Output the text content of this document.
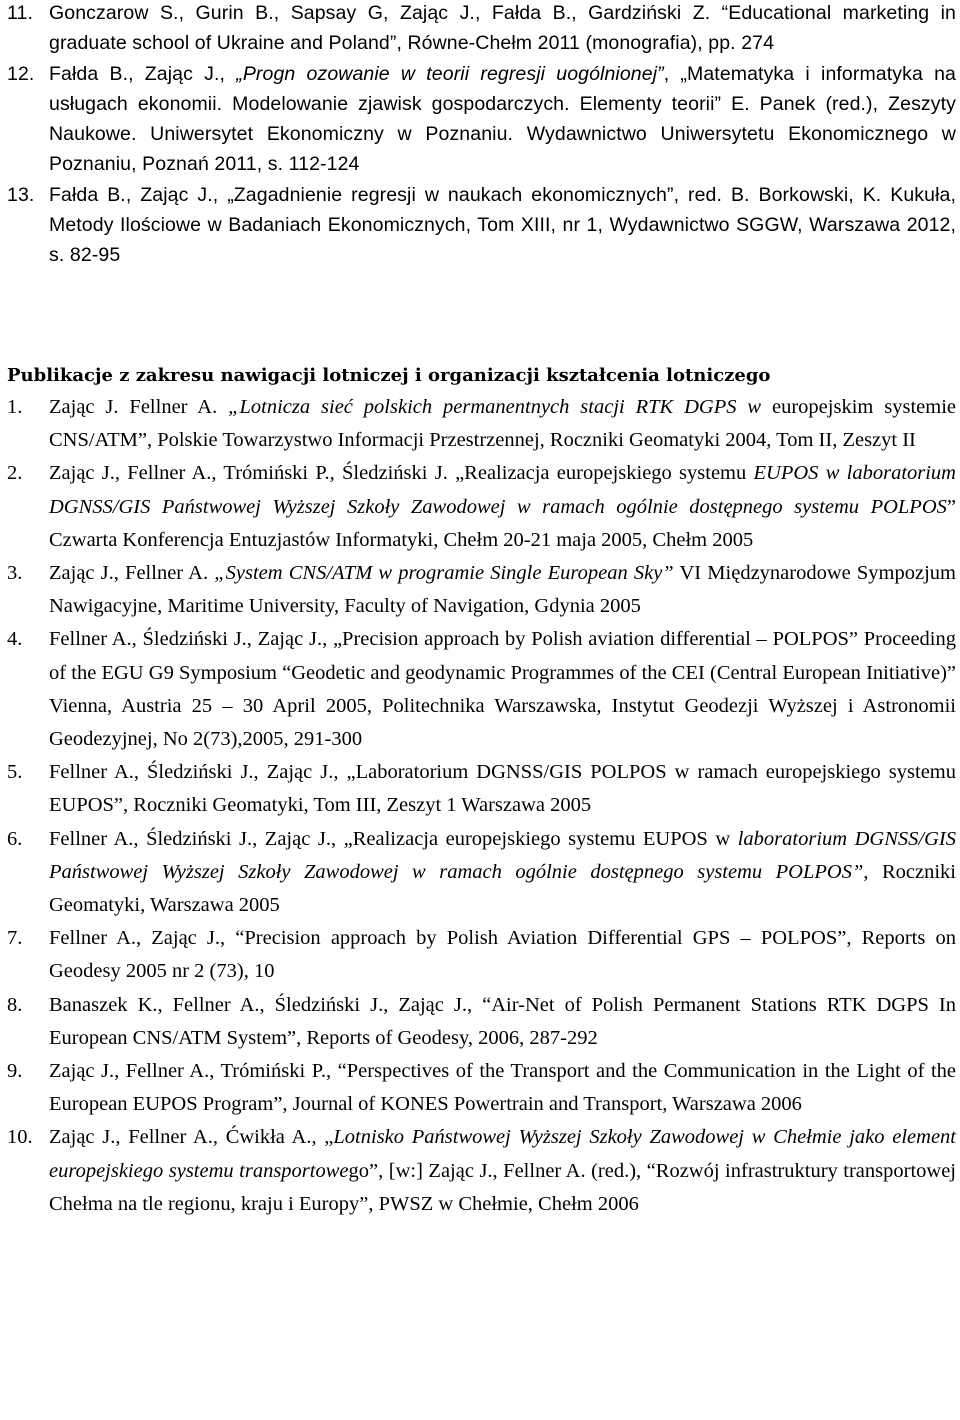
11. Gonczarow S., Gurin B., Sapsay G, Zając J., Fałda B., Gardziński Z. “Educational marketing in graduate school of Ukraine and Poland”, Równe-Chełm 2011 (monografia), pp. 274
12. Fałda B., Zając J., „Progn ozowanie w teorii regresji uogólnionej”, „Matematyka i informatyka na usługach ekonomii. Modelowanie zjawisk gospodarczych. Elementy teorii” E. Panek (red.), Zeszyty Naukowe. Uniwersytet Ekonomiczny w Poznaniu. Wydawnictwo Uniwersytetu Ekonomicznego w Poznaniu, Poznań 2011, s. 112-124
13. Fałda B., Zając J., „Zagadnienie regresji w naukach ekonomicznych”, red. B. Borkowski, K. Kukuła, Metody Ilościowe w Badaniach Ekonomicznych, Tom XIII, nr 1, Wydawnictwo SGGW, Warszawa 2012, s. 82-95
Publikacje z zakresu nawigacji lotniczej i organizacji kształcenia lotniczego
1. Zając J. Fellner A. „Lotnicza sieć polskich permanentnych stacji RTK DGPS w europejskim systemie CNS/ATM”, Polskie Towarzystwo Informacji Przestrzennej, Roczniki Geomatyki 2004, Tom II, Zeszyt II
2. Zając J., Fellner A., Trómiński P., Śledziński J. „Realizacja europejskiego systemu EUPOS w laboratorium DGNSS/GIS Państwowej Wyższej Szkoły Zawodowej w ramach ogólnie dostępnego systemu POLPOS” Czwarta Konferencja Entuzjastów Informatyki, Chełm 20-21 maja 2005, Chełm 2005
3. Zając J., Fellner A. „System CNS/ATM w programie Single European Sky” VI Międzynarodowe Sympozjum Nawigacyjne, Maritime University, Faculty of Navigation, Gdynia 2005
4. Fellner A., Śledziński J., Zając J., „Precision approach by Polish aviation differential – POLPOS” Proceeding of the EGU G9 Symposium “Geodetic and geodynamic Programmes of the CEI (Central European Initiative)” Vienna, Austria 25 – 30 April 2005, Politechnika Warszawska, Instytut Geodezji Wyższej i Astronomii Geodezyjnej, No 2(73),2005, 291-300
5. Fellner A., Śledziński J., Zając J., „Laboratorium DGNSS/GIS POLPOS w ramach europejskiego systemu EUPOS”, Roczniki Geomatyki, Tom III, Zeszyt 1 Warszawa 2005
6. Fellner A., Śledziński J., Zając J., „Realizacja europejskiego systemu EUPOS w laboratorium DGNSS/GIS Państwowej Wyższej Szkoły Zawodowej w ramach ogólnie dostępnego systemu POLPOS”, Roczniki Geomatyki, Warszawa 2005
7. Fellner A., Zając J., “Precision approach by Polish Aviation Differential GPS – POLPOS”, Reports on Geodesy 2005 nr 2 (73), 10
8. Banaszek K., Fellner A., Śledziński J., Zając J., “Air-Net of Polish Permanent Stations RTK DGPS In European CNS/ATM System”, Reports of Geodesy, 2006, 287-292
9. Zając J., Fellner A., Trómiński P., “Perspectives of the Transport and the Communication in the Light of the European EUPOS Program”, Journal of KONES Powertrain and Transport, Warszawa 2006
10. Zając J., Fellner A., Ćwikła A., „Lotnisko Państwowej Wyższej Szkoły Zawodowej w Chełmie jako element europejskiego systemu transportowego”, [w:] Zając J., Fellner A. (red.), “Rozwój infrastruktury transportowej Chełma na tle regionu, kraju i Europy”, PWSZ w Chełmie, Chełm 2006
